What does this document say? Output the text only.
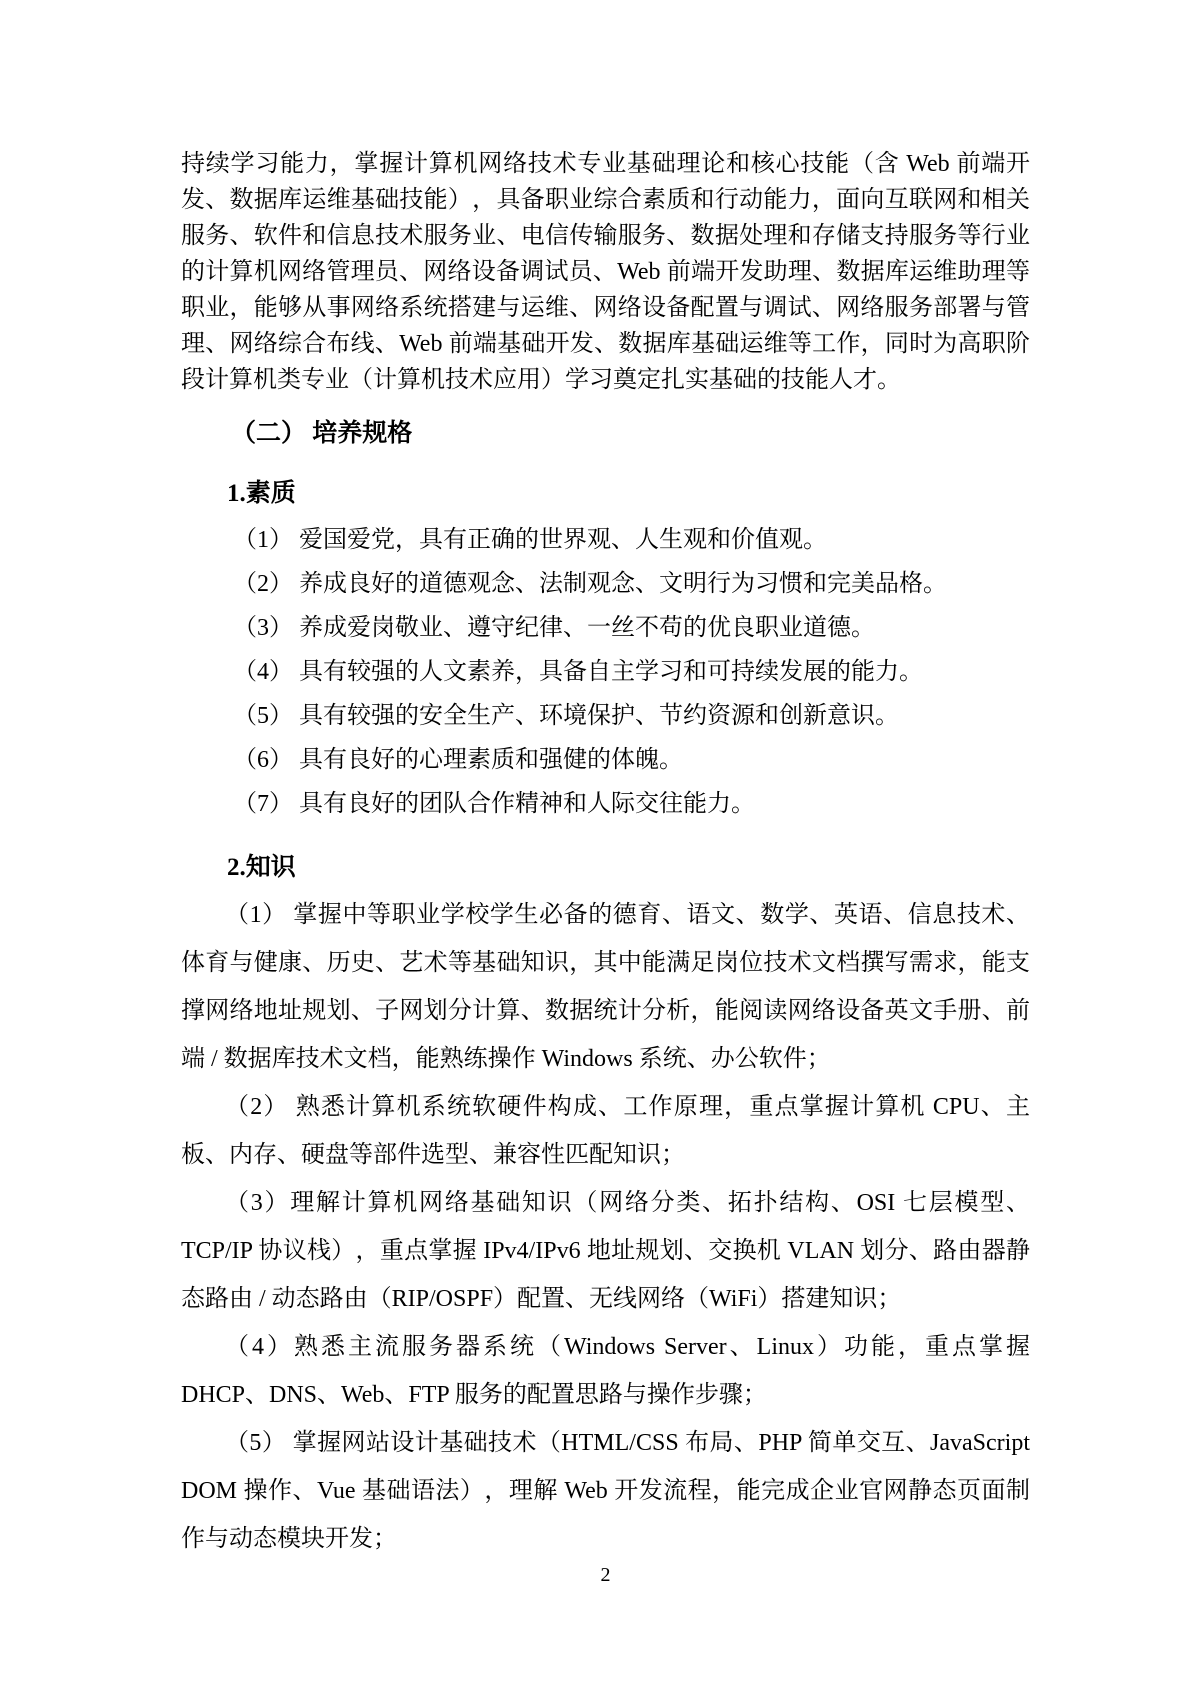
持续学习能力，掌握计算机网络技术专业基础理论和核心技能（含 Web 前端开发、数据库运维基础技能），具备职业综合素质和行动能力，面向互联网和相关服务、软件和信息技术服务业、电信传输服务、数据处理和存储支持服务等行业的计算机网络管理员、网络设备调试员、Web 前端开发助理、数据库运维助理等职业，能够从事网络系统搭建与运维、网络设备配置与调试、网络服务部署与管理、网络综合布线、Web 前端基础开发、数据库基础运维等工作，同时为高职阶段计算机类专业（计算机技术应用）学习奠定扎实基础的技能人才。

（二） 培养规格
1.素质

（1） 爱国爱党，具有正确的世界观、人生观和价值观。

（2） 养成良好的道德观念、法制观念、文明行为习惯和完美品格。

（3） 养成爱岗敬业、遵守纪律、一丝不苟的优良职业道德。

（4） 具有较强的人文素养，具备自主学习和可持续发展的能力。

（5） 具有较强的安全生产、环境保护、节约资源和创新意识。

（6） 具有良好的心理素质和强健的体魄。

（7） 具有良好的团队合作精神和人际交往能力。

2.知识

（1） 掌握中等职业学校学生必备的德育、语文、数学、英语、信息技术、体育与健康、历史、艺术等基础知识，其中能满足岗位技术文档撰写需求，能支撑网络地址规划、子网划分计算、数据统计分析，能阅读网络设备英文手册、前端 / 数据库技术文档，能熟练操作 Windows 系统、办公软件；

（2） 熟悉计算机系统软硬件构成、工作原理，重点掌握计算机 CPU、主板、内存、硬盘等部件选型、兼容性匹配知识；

（3）理解计算机网络基础知识（网络分类、拓扑结构、OSI 七层模型、TCP/IP 协议栈），重点掌握 IPv4/IPv6 地址规划、交换机 VLAN 划分、路由器静态路由 / 动态路由（RIP/OSPF）配置、无线网络（WiFi）搭建知识；

（4）熟悉主流服务器系统（Windows Server、Linux）功能，重点掌握 DHCP、DNS、Web、FTP 服务的配置思路与操作步骤；

（5） 掌握网站设计基础技术（HTML/CSS 布局、PHP 简单交互、JavaScript DOM 操作、Vue 基础语法），理解 Web 开发流程，能完成企业官网静态页面制作与动态模块开发；

2
